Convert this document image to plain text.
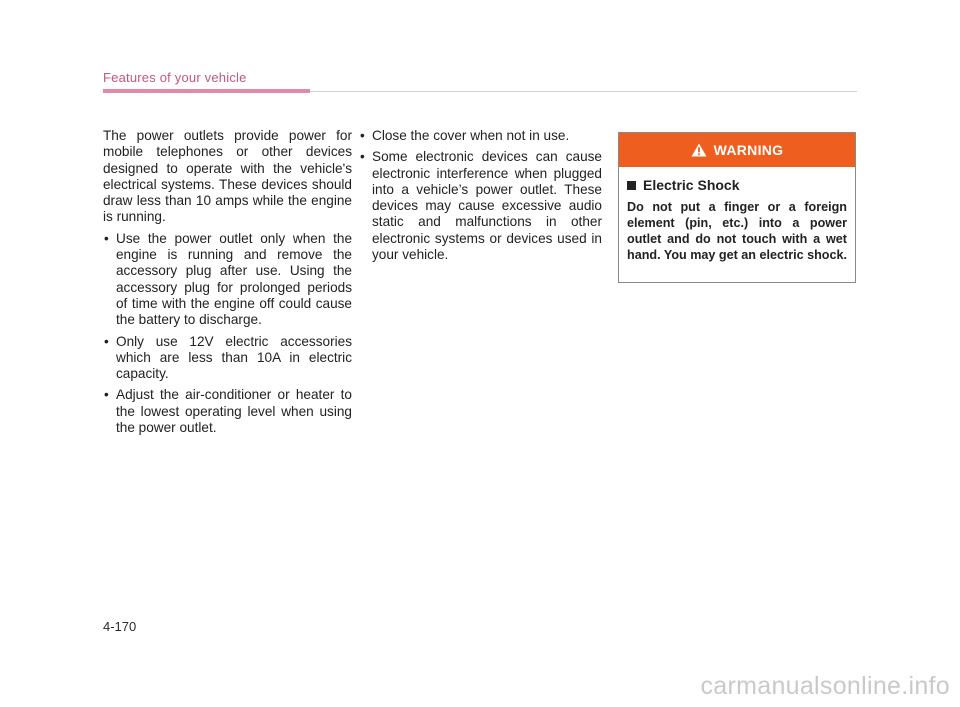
Features of your vehicle

The power outlets provide power for mobile telephones or other devices designed to operate with the vehicle's electrical systems. These devices should draw less than 10 amps while the engine is running.

• Use the power outlet only when the engine is running and remove the accessory plug after use. Using the accessory plug for prolonged periods of time with the engine off could cause the battery to discharge.
• Only use 12V electric accessories which are less than 10A in electric capacity.
• Adjust the air-conditioner or heater to the lowest operating level when using the power outlet.
• Close the cover when not in use.
• Some electronic devices can cause electronic interference when plugged into a vehicle’s power outlet. These devices may cause excessive audio static and malfunctions in other electronic systems or devices used in your vehicle.
WARNING
Electric Shock

Do not put a finger or a foreign element (pin, etc.) into a power outlet and do not touch with a wet hand. You may get an electric shock.

4-170
carmanualsonline.info
